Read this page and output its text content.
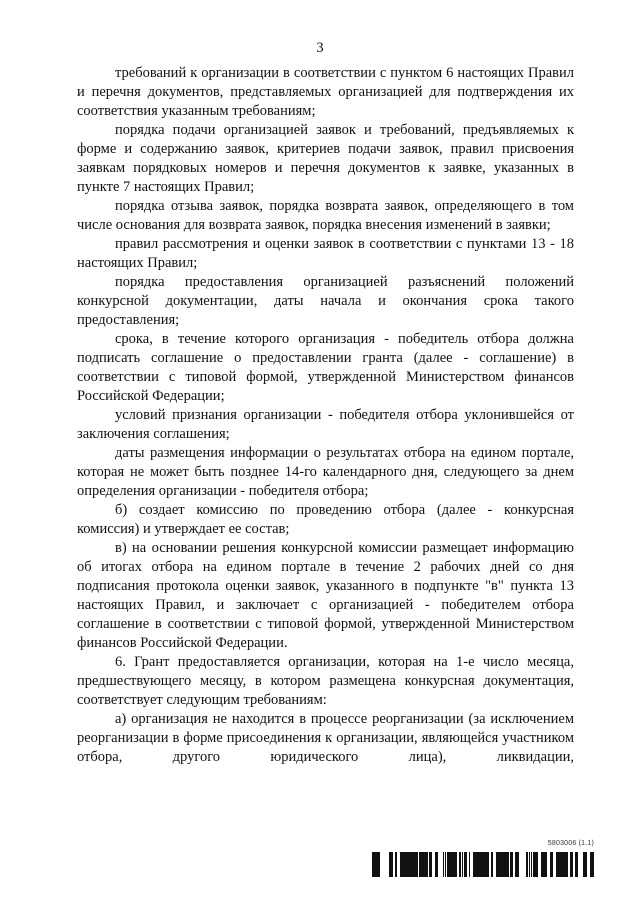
3

требований к организации в соответствии с пунктом 6 настоящих Правил и перечня документов, представляемых организацией для подтверждения их соответствия указанным требованиям;

порядка подачи организацией заявок и требований, предъявляемых к форме и содержанию заявок, критериев подачи заявок, правил присвоения заявкам порядковых номеров и перечня документов к заявке, указанных в пункте 7 настоящих Правил;

порядка отзыва заявок, порядка возврата заявок, определяющего в том числе основания для возврата заявок, порядка внесения изменений в заявки;

правил рассмотрения и оценки заявок в соответствии с пунктами 13 - 18 настоящих Правил;

порядка предоставления организацией разъяснений положений конкурсной документации, даты начала и окончания срока такого предоставления;

срока, в течение которого организация - победитель отбора должна подписать соглашение о предоставлении гранта (далее - соглашение) в соответствии с типовой формой, утвержденной Министерством финансов Российской Федерации;

условий признания организации - победителя отбора уклонившейся от заключения соглашения;

даты размещения информации о результатах отбора на едином портале, которая не может быть позднее 14-го календарного дня, следующего за днем определения организации - победителя отбора;

б) создает комиссию по проведению отбора (далее - конкурсная комиссия) и утверждает ее состав;

в) на основании решения конкурсной комиссии размещает информацию об итогах отбора на едином портале в течение 2 рабочих дней со дня подписания протокола оценки заявок, указанного в подпункте "в" пункта 13 настоящих Правил, и заключает с организацией - победителем отбора соглашение в соответствии с типовой формой, утвержденной Министерством финансов Российской Федерации.

6. Грант предоставляется организации, которая на 1-е число месяца, предшествующего месяцу, в котором размещена конкурсная документация, соответствует следующим требованиям:

а) организация не находится в процессе реорганизации (за исключением реорганизации в форме присоединения к организации, являющейся участником отбора, другого юридического лица), ликвидации,

5803006 (1.1)
